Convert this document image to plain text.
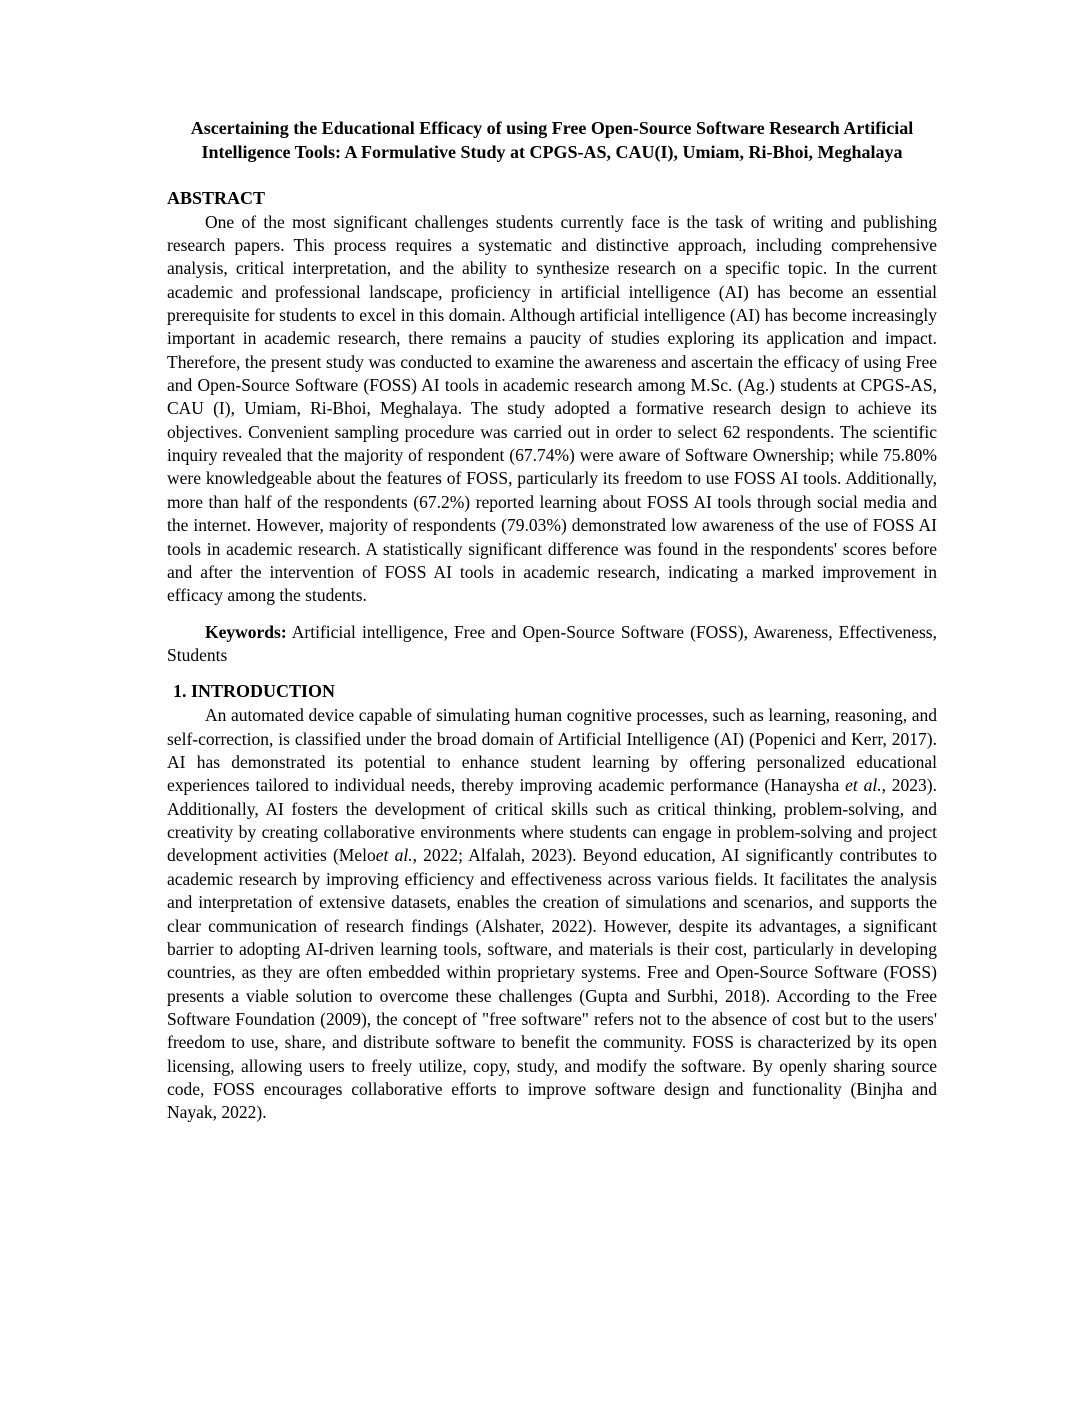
Ascertaining the Educational Efficacy of using Free Open-Source Software Research Artificial Intelligence Tools: A Formulative Study at CPGS-AS, CAU(I), Umiam, Ri-Bhoi, Meghalaya
ABSTRACT

One of the most significant challenges students currently face is the task of writing and publishing research papers. This process requires a systematic and distinctive approach, including comprehensive analysis, critical interpretation, and the ability to synthesize research on a specific topic. In the current academic and professional landscape, proficiency in artificial intelligence (AI) has become an essential prerequisite for students to excel in this domain. Although artificial intelligence (AI) has become increasingly important in academic research, there remains a paucity of studies exploring its application and impact. Therefore, the present study was conducted to examine the awareness and ascertain the efficacy of using Free and Open-Source Software (FOSS) AI tools in academic research among M.Sc. (Ag.) students at CPGS-AS, CAU (I), Umiam, Ri-Bhoi, Meghalaya. The study adopted a formative research design to achieve its objectives. Convenient sampling procedure was carried out in order to select 62 respondents. The scientific inquiry revealed that the majority of respondent (67.74%) were aware of Software Ownership; while 75.80% were knowledgeable about the features of FOSS, particularly its freedom to use FOSS AI tools. Additionally, more than half of the respondents (67.2%) reported learning about FOSS AI tools through social media and the internet. However, majority of respondents (79.03%) demonstrated low awareness of the use of FOSS AI tools in academic research. A statistically significant difference was found in the respondents' scores before and after the intervention of FOSS AI tools in academic research, indicating a marked improvement in efficacy among the students.

Keywords: Artificial intelligence, Free and Open-Source Software (FOSS), Awareness, Effectiveness, Students

1. INTRODUCTION

An automated device capable of simulating human cognitive processes, such as learning, reasoning, and self-correction, is classified under the broad domain of Artificial Intelligence (AI) (Popenici and Kerr, 2017). AI has demonstrated its potential to enhance student learning by offering personalized educational experiences tailored to individual needs, thereby improving academic performance (Hanaysha et al., 2023). Additionally, AI fosters the development of critical skills such as critical thinking, problem-solving, and creativity by creating collaborative environments where students can engage in problem-solving and project development activities (Meloet al., 2022; Alfalah, 2023). Beyond education, AI significantly contributes to academic research by improving efficiency and effectiveness across various fields. It facilitates the analysis and interpretation of extensive datasets, enables the creation of simulations and scenarios, and supports the clear communication of research findings (Alshater, 2022). However, despite its advantages, a significant barrier to adopting AI-driven learning tools, software, and materials is their cost, particularly in developing countries, as they are often embedded within proprietary systems. Free and Open-Source Software (FOSS) presents a viable solution to overcome these challenges (Gupta and Surbhi, 2018). According to the Free Software Foundation (2009), the concept of "free software" refers not to the absence of cost but to the users' freedom to use, share, and distribute software to benefit the community. FOSS is characterized by its open licensing, allowing users to freely utilize, copy, study, and modify the software. By openly sharing source code, FOSS encourages collaborative efforts to improve software design and functionality (Binjha and Nayak, 2022).
